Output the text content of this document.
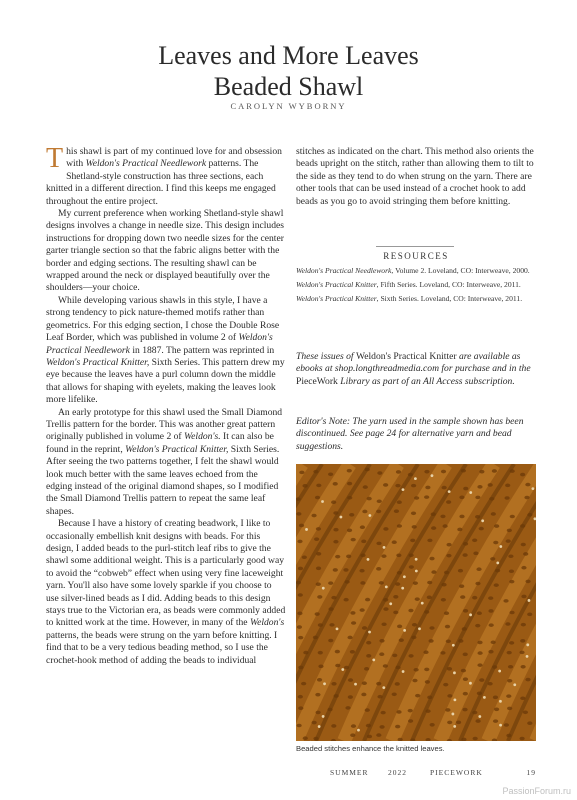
Leaves and More Leaves
Beaded Shawl
CAROLYN WYBORNY

This shawl is part of my continued love for and obsession with Weldon's Practical Needlework patterns. The Shetland-style construction has three sections, each knitted in a different direction. I find this keeps me engaged throughout the entire project.

My current preference when working Shetland-style shawl designs involves a change in needle size. This design includes instructions for dropping down two needle sizes for the center garter triangle section so that the fabric aligns better with the border and edging sections. The resulting shawl can be wrapped around the neck or displayed beautifully over the shoulders—your choice.

While developing various shawls in this style, I have a strong tendency to pick nature-themed motifs rather than geometrics. For this edging section, I chose the Double Rose Leaf Border, which was published in volume 2 of Weldon's Practical Needlework in 1887. The pattern was reprinted in Weldon's Practical Knitter, Sixth Series. This pattern drew my eye because the leaves have a purl column down the middle that allows for shaping with eyelets, making the leaves look more lifelike.

An early prototype for this shawl used the Small Diamond Trellis pattern for the border. This was another great pattern originally published in volume 2 of Weldon's. It can also be found in the reprint, Weldon's Practical Knitter, Sixth Series. After seeing the two patterns together, I felt the shawl would look much better with the same leaves echoed from the edging instead of the original diamond shapes, so I modified the Small Diamond Trellis pattern to repeat the same leaf shapes.

Because I have a history of creating beadwork, I like to occasionally embellish knit designs with beads. For this design, I added beads to the purl-stitch leaf ribs to give the shawl some additional weight. This is a particularly good way to avoid the “cobweb” effect when using very fine laceweight yarn. You'll also have some lovely sparkle if you choose to use silver-lined beads as I did. Adding beads to this design stays true to the Victorian era, as beads were commonly added to knitted work at the time. However, in many of the Weldon's patterns, the beads were strung on the yarn before knitting. I find that to be a very tedious beading method, so I use the crochet-hook method of adding the beads to individual

stitches as indicated on the chart. This method also orients the beads upright on the stitch, rather than allowing them to tilt to the side as they tend to do when strung on the yarn. There are other tools that can be used instead of a crochet hook to add beads as you go to avoid stringing them before knitting.

RESOURCES
Weldon's Practical Needlework, Volume 2. Loveland, CO: Interweave, 2000.
Weldon's Practical Knitter, Fifth Series. Loveland, CO: Interweave, 2011.
Weldon's Practical Knitter, Sixth Series. Loveland, CO: Interweave, 2011.
These issues of Weldon's Practical Knitter are available as ebooks at shop.longthreadmedia.com for purchase and in the PieceWork Library as part of an All Access subscription.
Editor's Note: The yarn used in the sample shown has been discontinued. See page 24 for alternative yarn and bead suggestions.
Beaded stitches enhance the knitted leaves.
SUMMER	2022	PIECEWORK	19
PassionForum.ru
